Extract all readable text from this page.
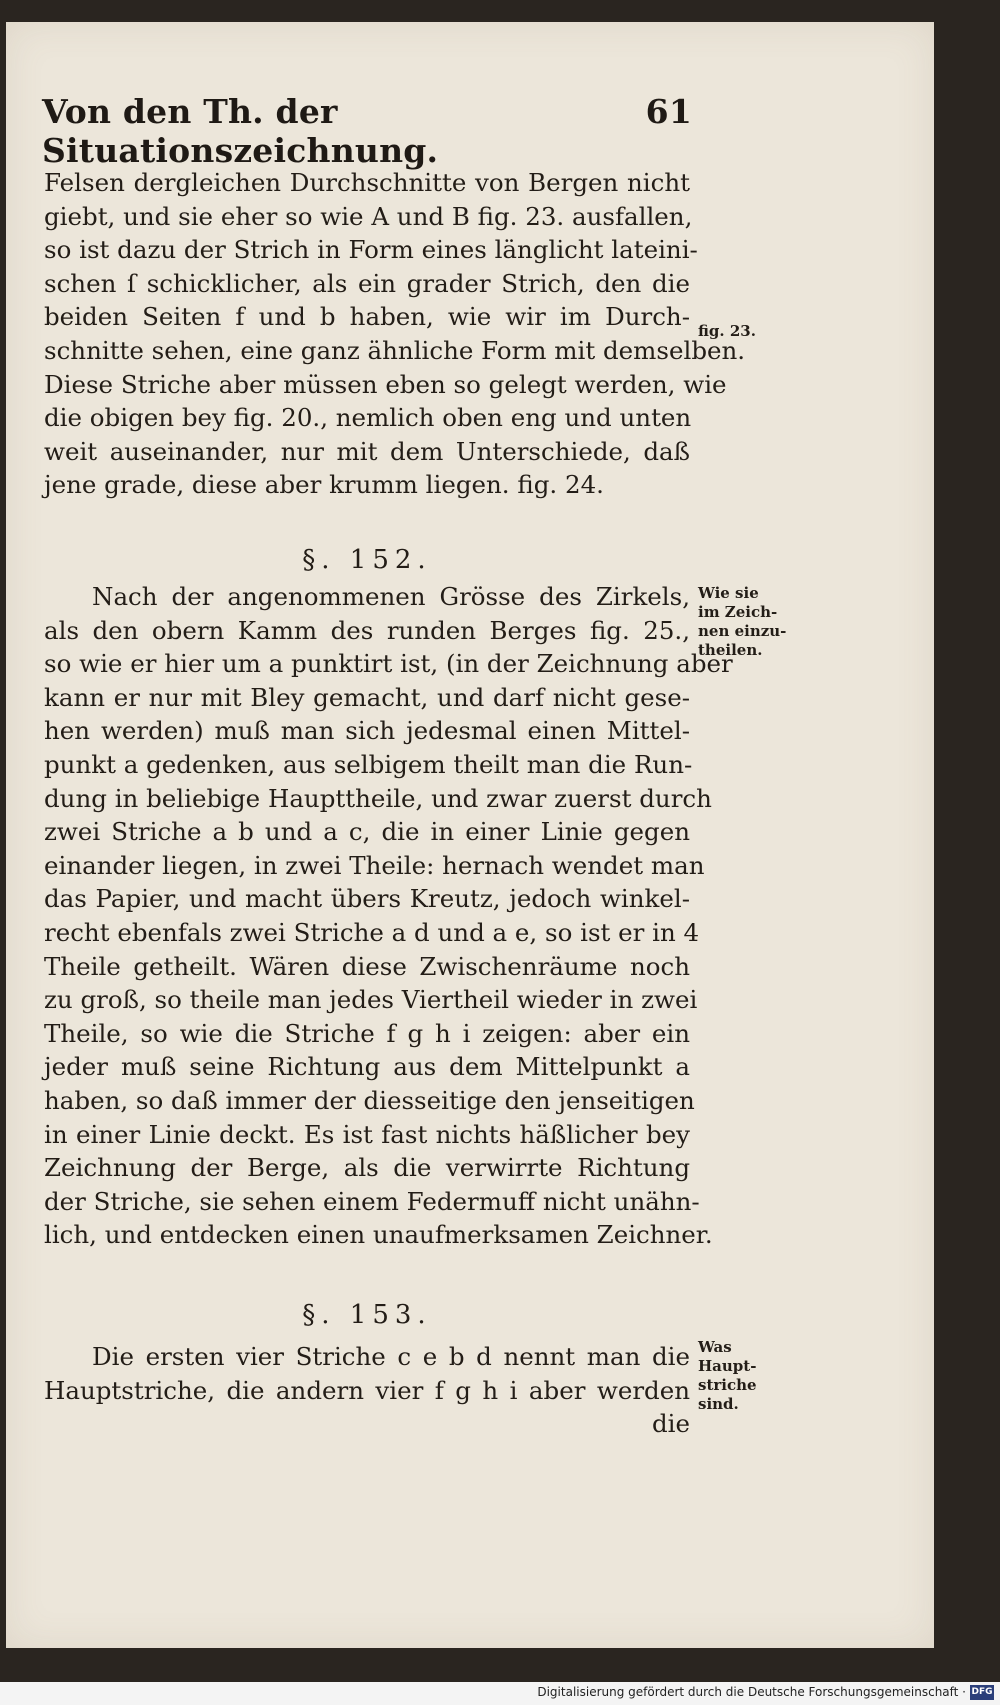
Von den Th. der Situationszeichnung.
61
Felsen dergleichen Durchschnitte von Bergen nicht
giebt, und sie eher so wie A und B fig. 23. ausfallen,
so ist dazu der Strich in Form eines länglicht lateini-
schen ſ schicklicher, als ein grader Strich, den die
beiden Seiten f und b haben, wie wir im Durch-
schnitte sehen, eine ganz ähnliche Form mit demselben.
Diese Striche aber müssen eben so gelegt werden, wie
die obigen bey fig. 20., nemlich oben eng und unten
weit auseinander, nur mit dem Unterschiede, daß
jene grade, diese aber krumm liegen. fig. 24.
§. 152.
Nach der angenommenen Grösse des Zirkels,
als den obern Kamm des runden Berges fig. 25.,
so wie er hier um a punktirt ist, (in der Zeichnung aber
kann er nur mit Bley gemacht, und darf nicht gese-
hen werden) muß man sich jedesmal einen Mittel-
punkt a gedenken, aus selbigem theilt man die Run-
dung in beliebige Haupttheile, und zwar zuerst durch
zwei Striche a b und a c, die in einer Linie gegen
einander liegen, in zwei Theile: hernach wendet man
das Papier, und macht übers Kreutz, jedoch winkel-
recht ebenfals zwei Striche a d und a e, so ist er in 4
Theile getheilt. Wären diese Zwischenräume noch
zu groß, so theile man jedes Viertheil wieder in zwei
Theile, so wie die Striche f g h i zeigen: aber ein
jeder muß seine Richtung aus dem Mittelpunkt a
haben, so daß immer der diesseitige den jenseitigen
in einer Linie deckt. Es ist fast nichts häßlicher bey
Zeichnung der Berge, als die verwirrte Richtung
der Striche, sie sehen einem Federmuff nicht unähn-
lich, und entdecken einen unaufmerksamen Zeichner.
§. 153.
Die ersten vier Striche c e b d nennt man die
Hauptstriche, die andern vier f g h i aber werden
die
fig. 23.
Wie sie
im Zeich-
nen einzu-
theilen.
Was
Haupt-
striche
sind.
Digitalisierung gefördert durch die Deutsche Forschungsgemeinschaft · DFG
